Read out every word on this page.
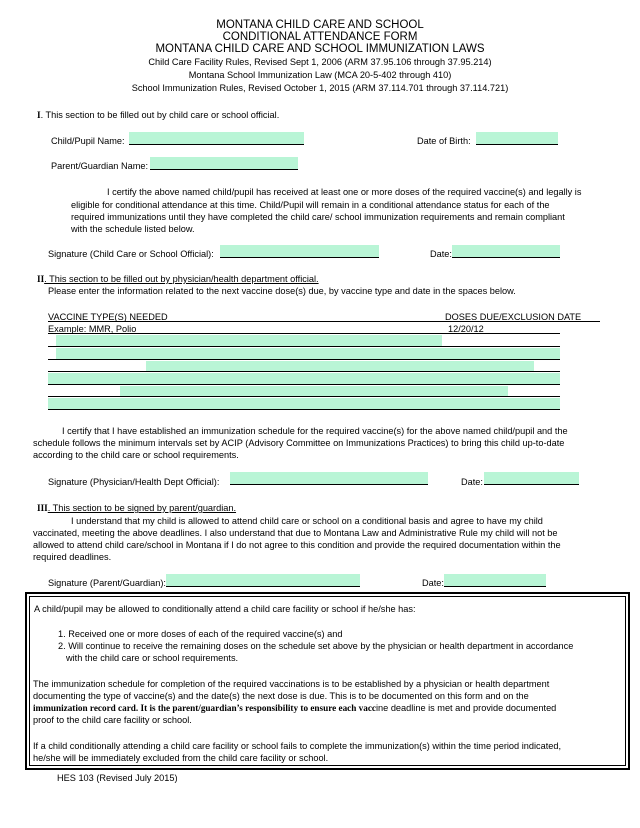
MONTANA CHILD CARE AND SCHOOL
CONDITIONAL ATTENDANCE FORM
MONTANA CHILD CARE AND SCHOOL IMMUNIZATION LAWS
Child Care Facility Rules, Revised Sept 1, 2006 (ARM 37.95.106 through 37.95.214)
Montana School Immunization Law (MCA 20-5-402 through 410)
School Immunization Rules, Revised October 1, 2015 (ARM 37.114.701 through 37.114.721)
I. This section to be filled out by child care or school official.
Child/Pupil Name:	Date of Birth:
Parent/Guardian Name:
I certify the above named child/pupil has received at least one or more doses of the required vaccine(s) and legally is
eligible for conditional attendance at this time. Child/Pupil will remain in a conditional attendance status for each of the
required immunizations until they have completed the child care/ school immunization requirements and remain compliant
with the schedule listed below.
Signature (Child Care or School Official):	Date:
II. This section to be filled out by physician/health department official.
Please enter the information related to the next vaccine dose(s) due, by vaccine type and date in the spaces below.
VACCINE TYPE(S) NEEDED	DOSES DUE/EXCLUSION DATE
Example: MMR, Polio	12/20/12
I certify that I have established an immunization schedule for the required vaccine(s) for the above named child/pupil and the
schedule follows the minimum intervals set by ACIP (Advisory Committee on Immunizations Practices) to bring this child up-to-date
according to the child care or school requirements.
Signature (Physician/Health Dept Official):	Date:
III. This section to be signed by parent/guardian.
I understand that my child is allowed to attend child care or school on a conditional basis and agree to have my child
vaccinated, meeting the above deadlines. I also understand that due to Montana Law and Administrative Rule my child will not be
allowed to attend child care/school in Montana if I do not agree to this condition and provide the required documentation within the
required deadlines.
Signature (Parent/Guardian):	Date:
A child/pupil may be allowed to conditionally attend a child care facility or school if he/she has:
1. Received one or more doses of each of the required vaccine(s) and
2. Will continue to receive the remaining doses on the schedule set above by the physician or health department in accordance
with the child care or school requirements.
The immunization schedule for completion of the required vaccinations is to be established by a physician or health department
documenting the type of vaccine(s) and the date(s) the next dose is due. This is to be documented on this form and on the
immunization record card. It is the parent/guardian’s responsibility to ensure each vaccine deadline is met and provide documented
proof to the child care facility or school.
If a child conditionally attending a child care facility or school fails to complete the immunization(s) within the time period indicated,
he/she will be immediately excluded from the child care facility or school.
HES 103 (Revised July 2015)
